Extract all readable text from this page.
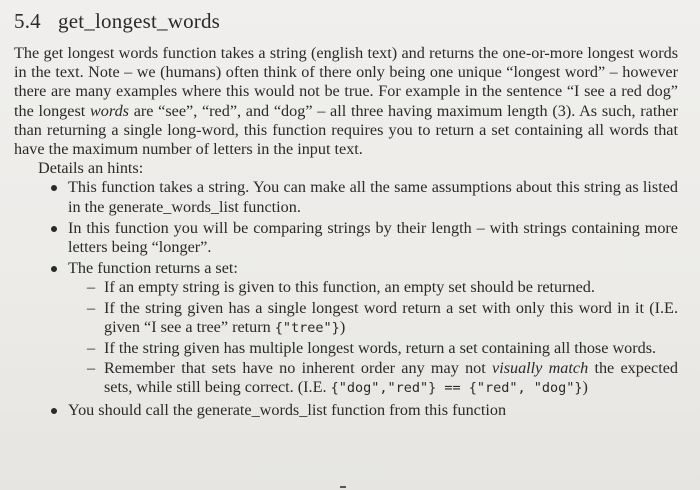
5.4 get_longest_words

The get longest words function takes a string (english text) and returns the one-or-more longest words in the text. Note – we (humans) often think of there only being one unique “longest word” – however there are many examples where this would not be true. For example in the sentence “I see a red dog” the longest words are “see”, “red”, and “dog” – all three having maximum length (3). As such, rather than returning a single long-word, this function requires you to return a set containing all words that have the maximum number of letters in the input text.

Details an hints:
This function takes a string. You can make all the same assumptions about this string as listed in the generate_words_list function.
In this function you will be comparing strings by their length – with strings containing more letters being “longer”.
The function returns a set:
– If an empty string is given to this function, an empty set should be returned.
– If the string given has a single longest word return a set with only this word in it (I.E. given “I see a tree” return {"tree"})
– If the string given has multiple longest words, return a set containing all those words.
– Remember that sets have no inherent order any may not visually match the expected sets, while still being correct. (I.E. {"dog","red"} == {"red", "dog"})
You should call the generate_words_list function from this function
